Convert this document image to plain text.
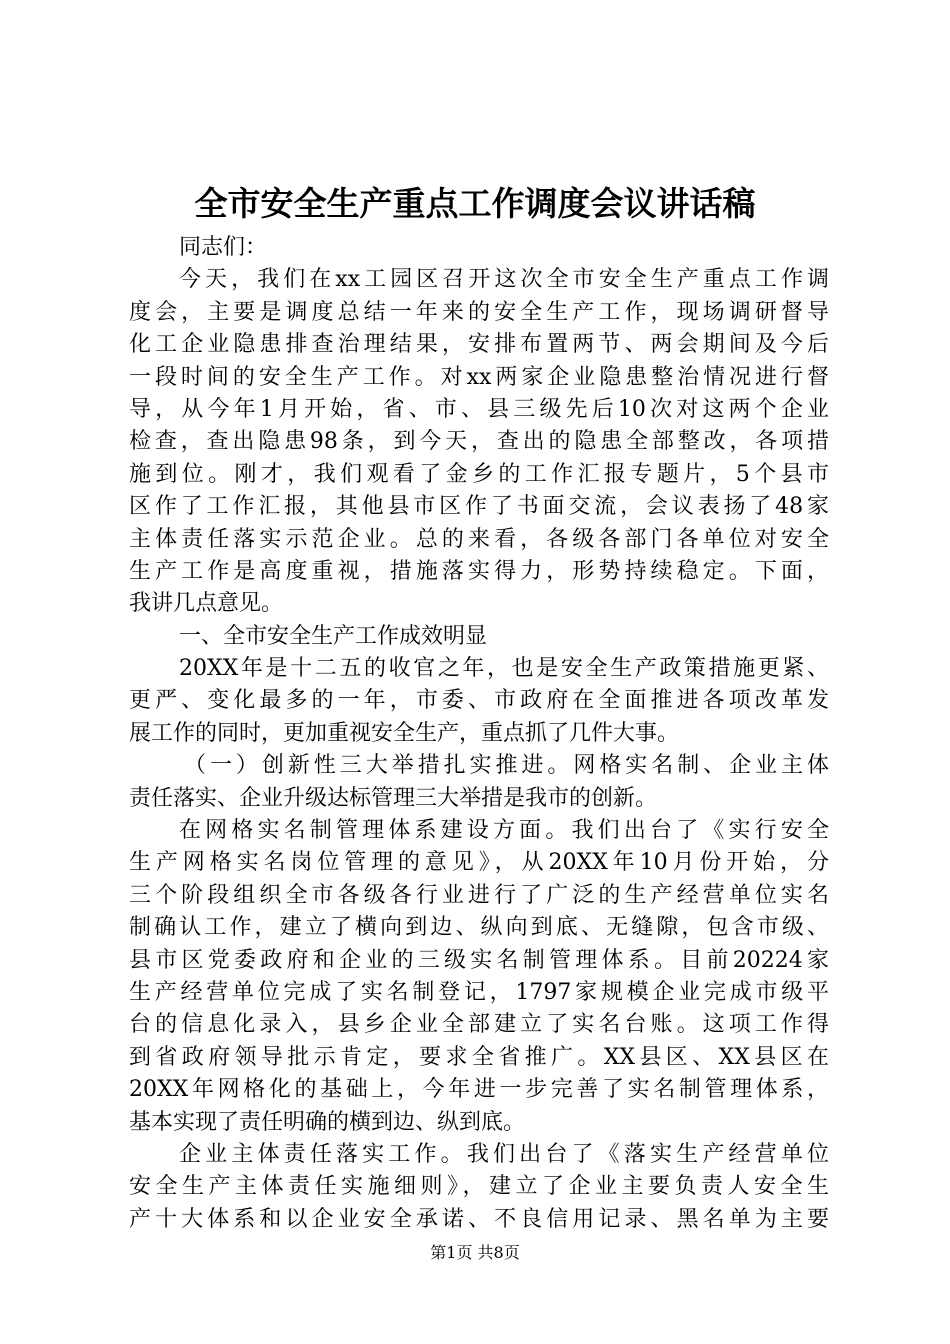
全市安全生产重点工作调度会议讲话稿
同志们：
今天，我们在xx工园区召开这次全市安全生产重点工作调
度会，主要是调度总结一年来的安全生产工作，现场调研督导
化工企业隐患排查治理结果，安排布置两节、两会期间及今后
一段时间的安全生产工作。对xx两家企业隐患整治情况进行督
导，从今年1月开始，省、市、县三级先后10次对这两个企业
检查，查出隐患98条，到今天，查出的隐患全部整改，各项措
施到位。刚才，我们观看了金乡的工作汇报专题片，5个县市
区作了工作汇报，其他县市区作了书面交流，会议表扬了48家
主体责任落实示范企业。总的来看，各级各部门各单位对安全
生产工作是高度重视，措施落实得力，形势持续稳定。下面，
我讲几点意见。
一、全市安全生产工作成效明显
20XX年是十二五的收官之年，也是安全生产政策措施更紧、
更严、变化最多的一年，市委、市政府在全面推进各项改革发
展工作的同时，更加重视安全生产，重点抓了几件大事。
（一）创新性三大举措扎实推进。网格实名制、企业主体
责任落实、企业升级达标管理三大举措是我市的创新。
在网格实名制管理体系建设方面。我们出台了《实行安全
生产网格实名岗位管理的意见》，从20XX年10月份开始，分
三个阶段组织全市各级各行业进行了广泛的生产经营单位实名
制确认工作，建立了横向到边、纵向到底、无缝隙，包含市级、
县市区党委政府和企业的三级实名制管理体系。目前20224家
生产经营单位完成了实名制登记，1797家规模企业完成市级平
台的信息化录入，县乡企业全部建立了实名台账。这项工作得
到省政府领导批示肯定，要求全省推广。XX县区、XX县区在
20XX年网格化的基础上，今年进一步完善了实名制管理体系，
基本实现了责任明确的横到边、纵到底。
企业主体责任落实工作。我们出台了《落实生产经营单位
安全生产主体责任实施细则》，建立了企业主要负责人安全生
产十大体系和以企业安全承诺、不良信用记录、黑名单为主要
第1页 共8页
